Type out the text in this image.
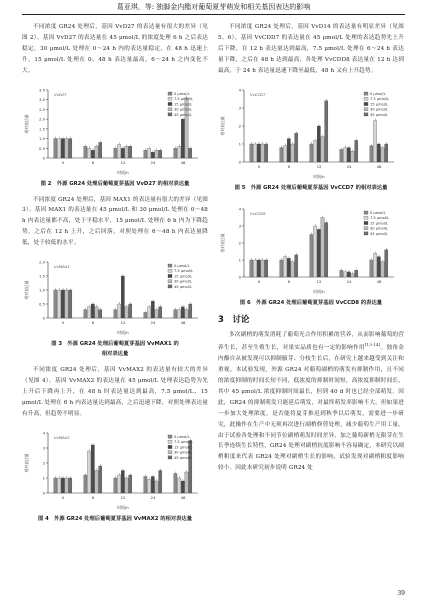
葛亚琪，等: 独脚金内酯对葡萄夏芽萌发和相关基因表达的影响

不同浓度 GR24 处理后，基因 VvD27 的表达量有很大的差异（见图 2）。基因 VvD27 的表达量在 45 μmol/L 的浓度处理 6 h 之后表达稳定，30 μmol/L 处理在 0～24 h 内的表达量稳定，在 48 h 迅速上升，15 μmol/L 处理在 0、48 h 表达量最高，6～24 h 之内变化不大。

0
0.5
1.0
1.5
2.0
2.5
3.0
3.5
相对表达量
VvD27
0	6	12	24	48
时间/h
0 μmol/L
7.5 μmol/L
15 μmol/L
30 μmol/L
45 μmol/L
图 2　外源 GR24 处理后葡萄夏芽基因 VvD27 的相对表达量

不同浓度 GR24 处理后，基因 MAX1 的表达量有很大的差异（见图 3）。基因 MAX1 的表达量在 45 μmol/L 和 30 μmol/L 处理在 0～48 h 内表达量都不高，处于平稳水平，15 μmol/L 处理在 6 h 内为下降趋势，之后在 12 h 上升，之后回落，对照处理在 6～48 h 内表达量降低，处于较低的水平。

0
0.5
1.0
1.5
2.0
相对表达量
VvMAX1
0	6	12	24	48
时间/h
0 μmol/L
7.5 μmol/L
15 μmol/L
30 μmol/L
45 μmol/L
图 3　外源 GR24 处理后葡萄夏芽基因 VvMAX1 的
相对表达量

不同浓度 GR24 处理后，基因 VvMAX2 的表达量有较大的差异（见图 4）。基因 VvMAX2 的表达量在 45 μmol/L 处理表达趋势为先上升后下降再上升，在 48 h 时表达量达到最高，7.5 μmol/L、15 μmol/L 处理在 6 h 内表达量达到最高，之后迅速下降，对照处理表达量有升高，但趋势不明显。

0
1
2
3
4
相对表达量
VvMAX2
0	6	12	24	48
时间/h
0 μmol/L
7.5 μmol/L
15 μmol/L
30 μmol/L
45 μmol/L
图 4　外源 GR24 处理后葡萄夏芽基因 VvMAX2 的相对表达量

不同浓度 GR24 处理后，基因 VvD14 的表达量有明显差异（见图 5、6）。基因 VvCDD7 的表达量在 45 μmol/L 处理的表达趋势先上升后下降，在 12 h 表达量达到最高，7.5 μmol/L 处理在 6～24 h 表达量下降，之后在 48 h 达到最高；各处理 VvCDD8 表达量在 12 h 达到最高，于 24 h 表达量迅速下降至最低，48 h 又有上升趋势。

0
1
2
3
4
相对表达量
VvCCD7
0	6	12	24	48
时间/h
0 μmol/L
7.5 μmol/L
15 μmol/L
30 μmol/L
45 μmol/L
图 5　外源 GR24 处理后葡萄夏芽基因 VvCCD7 的相对表达量
0
1
2
3
4
相对表达量
VvCCD8
0	6	12	24	48
时间/h
0 μmol/L
7.5 μmol/L
15 μmol/L
30 μmol/L
45 μmol/L
图 6　外源 GR24 处理后葡萄夏芽基因 VvCCD8 的表达量
3　讨论

多次副梢的萌发消耗了葡萄光合作用积累的营养，从而影响葡萄的营养生长，甚至生殖生长，对果实品质也有一定的影响作用[13-14]。独角金内酯自从被发现可以抑制腋芽、分枝生长后，在研究上越来越受到关注和重视。本试验发现，外源 GR24 对葡萄副梢的萌发有抑制作用，且不同的浓度抑制的时间长短不同，低浓度的抑制时间短，高浓度抑制时间长，其中 45 μmol/L 浓度抑制时间最长，但到 40 d 时也已经全部萌发。因此，GR24 的抑制萌发只能延后萌发，对最终萌发率影响不大，但如果进一步加大处理浓度，是否能将夏芽推迟到秋季以后萌发，需要进一步研究，此操作在生产中无须再次进行副梢修剪处理，减少葡萄生产用工量。由于试验各处理和不同节位副梢萌发时间差异，加之葡萄新梢无限芽在生长季连续生长特性，GR24 处理对副梢抗度影响不容易确定，本研究以副梢粗度来代表 GR24 处理对副梢生长的影响，试验发现对副梢粗度影响较小。因此本研究初步说明 GR24 处

39
